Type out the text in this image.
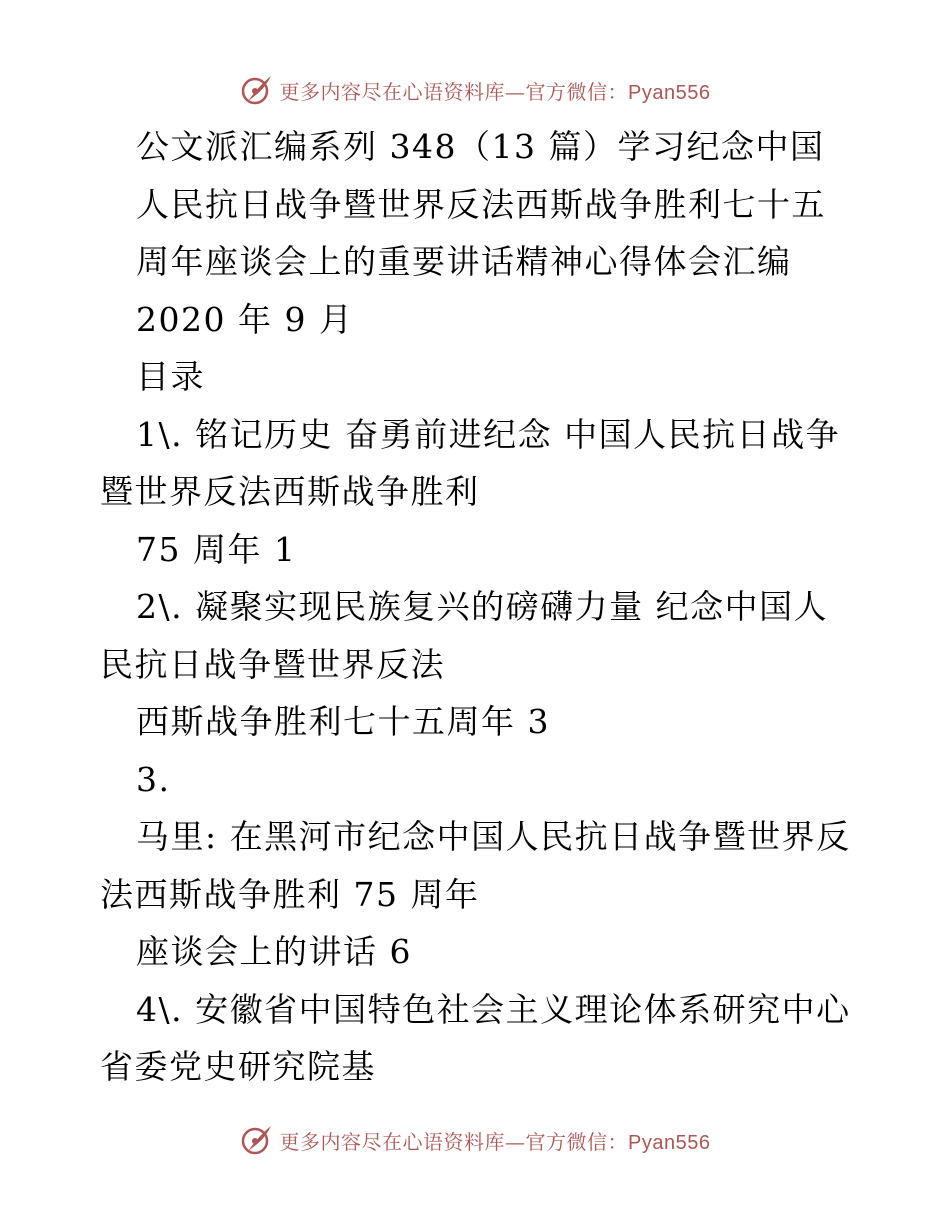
更多内容尽在心语资料库—官方微信：Pyan556
公文派汇编系列 348（13 篇）学习纪念中国
人民抗日战争暨世界反法西斯战争胜利七十五
周年座谈会上的重要讲话精神心得体会汇编
2020 年 9 月
目录
1\. 铭记历史 奋勇前进纪念 中国人民抗日战争
暨世界反法西斯战争胜利
75 周年 1
2\. 凝聚实现民族复兴的磅礴力量 纪念中国人
民抗日战争暨世界反法
西斯战争胜利七十五周年 3
3.
马里: 在黑河市纪念中国人民抗日战争暨世界反
法西斯战争胜利 75 周年
座谈会上的讲话 6
4\. 安徽省中国特色社会主义理论体系研究中心
省委党史研究院基
更多内容尽在心语资料库—官方微信：Pyan556
